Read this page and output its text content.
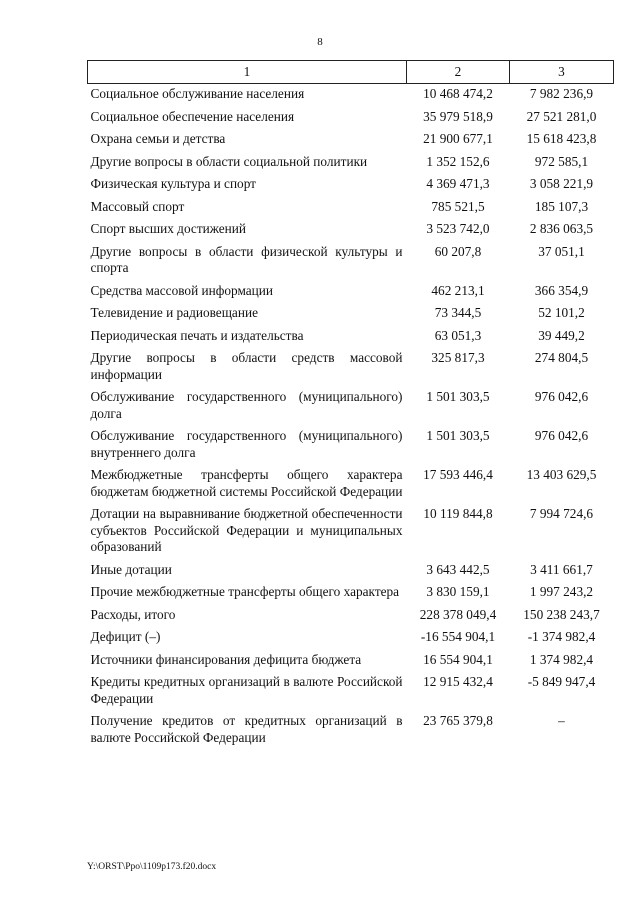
8
1	2	3
Социальное обслуживание населения	10 468 474,2	7 982 236,9
Социальное обеспечение населения	35 979 518,9	27 521 281,0
Охрана семьи и детства	21 900 677,1	15 618 423,8
Другие вопросы в области социальной политики	1 352 152,6	972 585,1
Физическая культура и спорт	4 369 471,3	3 058 221,9
Массовый спорт	785 521,5	185 107,3
Спорт высших достижений	3 523 742,0	2 836 063,5
Другие вопросы в области физической культуры и спорта	60 207,8	37 051,1
Средства массовой информации	462 213,1	366 354,9
Телевидение и радиовещание	73 344,5	52 101,2
Периодическая печать и издательства	63 051,3	39 449,2
Другие вопросы в области средств массовой информации	325 817,3	274 804,5
Обслуживание государственного (муниципального) долга	1 501 303,5	976 042,6
Обслуживание государственного (муниципального) внутреннего долга	1 501 303,5	976 042,6
Межбюджетные трансферты общего характера бюджетам бюджетной системы Российской Федерации	17 593 446,4	13 403 629,5
Дотации на выравнивание бюджетной обеспеченности субъектов Российской Федерации и муниципальных образований	10 119 844,8	7 994 724,6
Иные дотации	3 643 442,5	3 411 661,7
Прочие межбюджетные трансферты общего характера	3 830 159,1	1 997 243,2
Расходы, итого	228 378 049,4	150 238 243,7
Дефицит (–)	-16 554 904,1	-1 374 982,4
Источники финансирования дефицита бюджета	16 554 904,1	1 374 982,4
Кредиты кредитных организаций в валюте Российской Федерации	12 915 432,4	-5 849 947,4
Получение кредитов от кредитных организаций в валюте Российской Федерации	23 765 379,8	–
Y:\ORST\Ppo\1109p173.f20.docx
